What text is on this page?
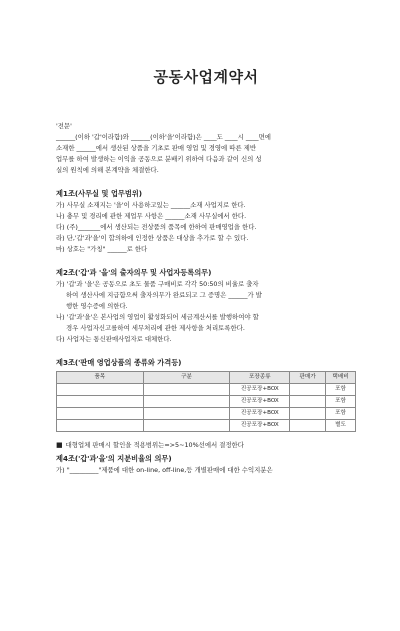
공동사업계약서

'전문'

______(이하 '갑'이라함)와 ______(이하'을'이라함)은 ____도 ____시 ____면에

소재한 ______에서 생산된 상품을 기초로 판매 영업 및 경영에 따른 제반

업무를 하여 발생하는 이익을 공동으로 분배키 위하여 다음과 같이 신의 성

실의 원칙에 의해 본계약을 체결한다.

제1조(사무실 및 업무범위)

가) 사무실 소재지는 '을'이 사용하고있는 ______소재 사업지로 한다.

나) 충무 및 경리에 관한 제업무 사항은 ______소재 사무실에서 한다.

다) (주)_______에서 생산되는 전상품의 품목에 한하여 판매영업을 한다.

라) 단,'갑'과'을'이 합의하에 인정한 상품은 대상을 추가로 할 수 있다.

마) 상호는 "가칭" ______로 한다

제2조('갑'과 '을'의 출자의무 및 사업자등록의무)

가) '갑'과 '을'은 공동으로 초도 물품 구매비로 각각 50:50의 비율로 출자

하여 생산사에 지급함으써 출자의무가 완료되고 그 증명은 ______가 발

행한 영수증에 의한다.

나) '갑'과'을'은 본사업의 영업이 활성화되어 세금계산서를 발행하여야 할

경우 사업자신고를하여 세무처리에 관한 제사항을 처리토록한다.

다) 사업자는 통신판매사업자로 대체한다.

제3조('판매 영업상품의 종류와 가격등)
품목	구분	포장종류	판매가	택배비
		진공포장+BOX		포함
		진공포장+BOX		포함
		진공포장+BOX		포함
		진공포장+BOX		별도

■ 대형업체 판매시 할인을 적용범위는=>5~10%선에서 결정한다

제4조('갑'과'을'의 지분비율의 의무)

가) "_________"제품에 대한 on-line, off-line,등 개별판매에 대한 수익지분은
